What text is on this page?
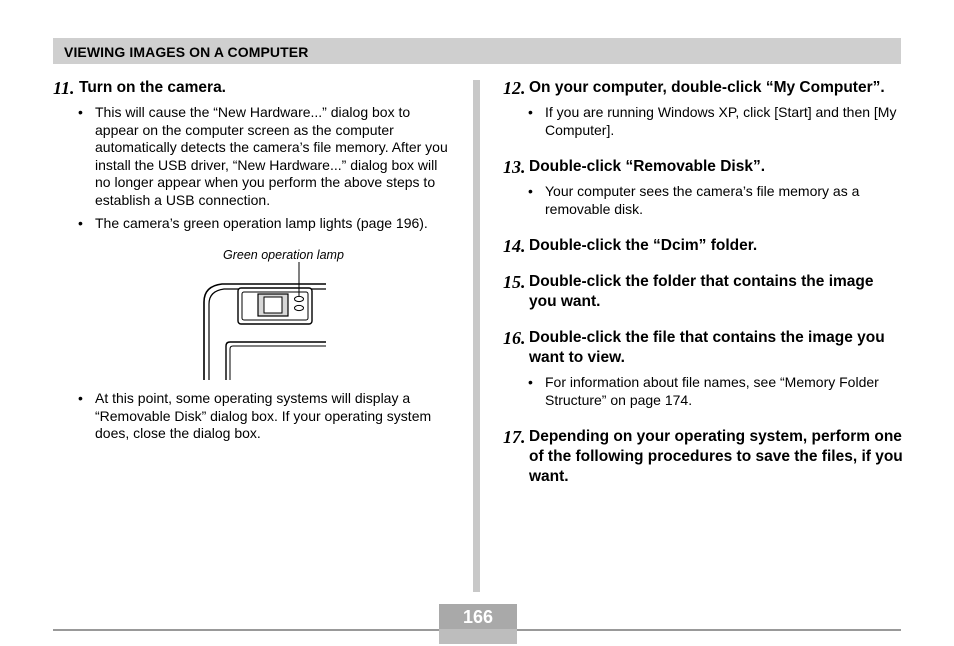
VIEWING IMAGES ON A COMPUTER
11. Turn on the camera.
• This will cause the “New Hardware...” dialog box to appear on the computer screen as the computer automatically detects the camera’s file memory. After you install the USB driver, “New Hardware...” dialog box will no longer appear when you perform the above steps to establish a USB connection.
• The camera’s green operation lamp lights (page 196).
Green operation lamp
• At this point, some operating systems will display a “Removable Disk” dialog box. If your operating system does, close the dialog box.
12. On your computer, double-click “My Computer”.
• If you are running Windows XP, click [Start] and then [My Computer].
13. Double-click “Removable Disk”.
• Your computer sees the camera’s file memory as a removable disk.
14. Double-click the “Dcim” folder.
15. Double-click the folder that contains the image you want.
16. Double-click the file that contains the image you want to view.
• For information about file names, see “Memory Folder Structure” on page 174.
17. Depending on your operating system, perform one of the following procedures to save the files, if you want.
166
